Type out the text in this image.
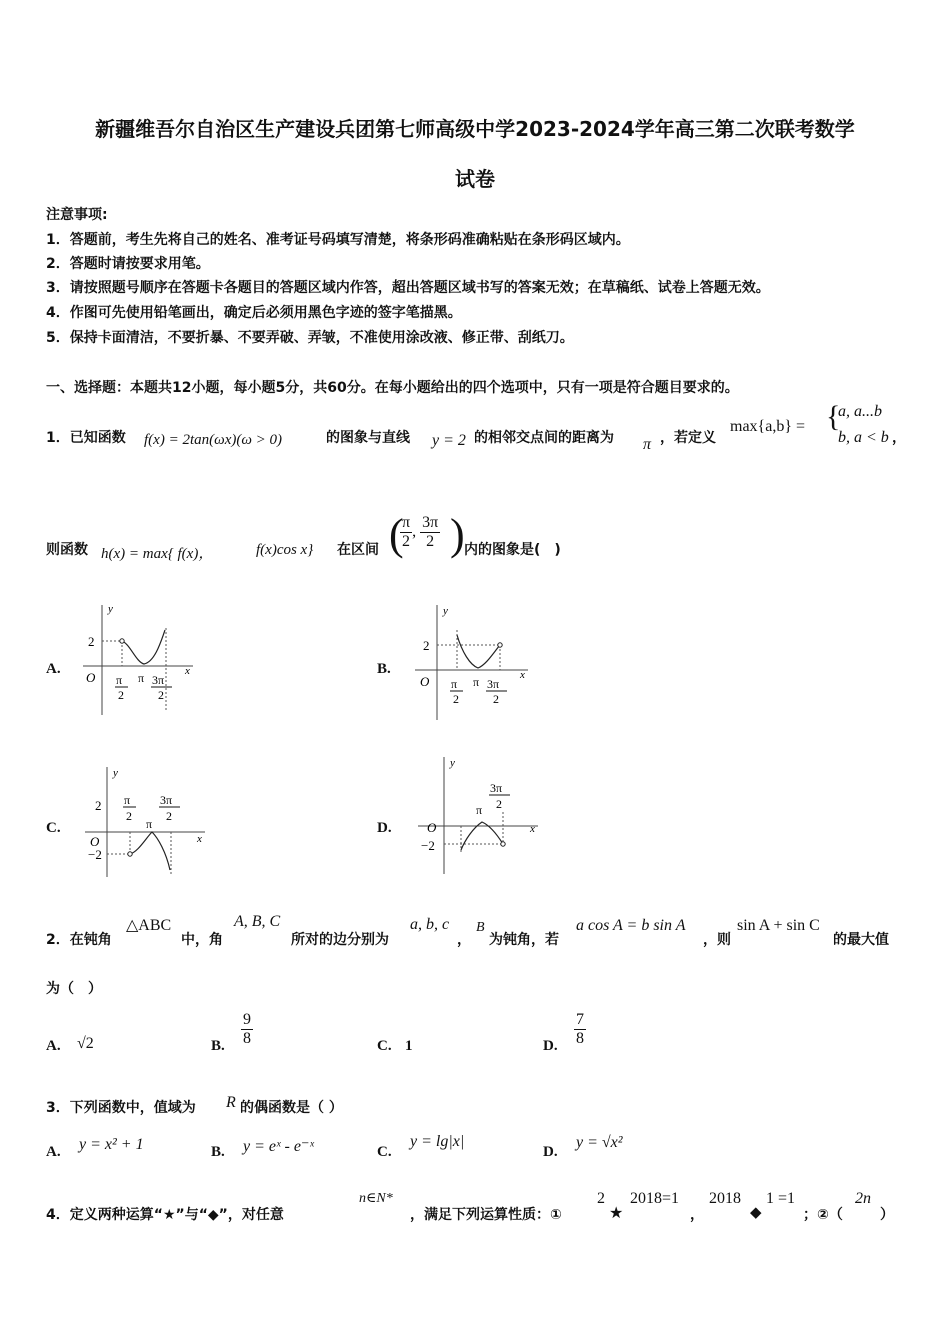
新疆维吾尔自治区生产建设兵团第七师高级中学2023-2024学年高三第二次联考数学
试卷
注意事项:
1．答题前，考生先将自己的姓名、准考证号码填写清楚，将条形码准确粘贴在条形码区域内。
2．答题时请按要求用笔。
3．请按照题号顺序在答题卡各题目的答题区域内作答，超出答题区域书写的答案无效；在草稿纸、试卷上答题无效。
4．作图可先使用铅笔画出，确定后必须用黑色字迹的签字笔描黑。
5．保持卡面清洁，不要折暴、不要弄破、弄皱，不准使用涂改液、修正带、刮纸刀。
一、选择题：本题共12小题，每小题5分，共60分。在每小题给出的四个选项中，只有一项是符合题目要求的。
1．已知函数 f(x) = 2tan(ωx)(ω > 0)	的图象与直线 y = 2 的相邻交点间的距离为 π ，若定义
max{a,b} = {
a, a...b
b, a < b ，
则函数 h(x) = max{ f(x)，	f(x)cos x} 在区间 (
$\frac{\pi}{2}$ , $\frac{3\pi}{2}$ ) 内的图象是(　)
A.	B.
C.	D.
y
x
O
2
π
2
π 3π
2
y
x
O
2
π
2
π 3π
2
y
x
O
2
−2
π
2
π
3π
2
y
x
O
−2
π
3π
2
2．在钝角
△ABC
中，角
A, B, C
所对的边分别为
a, b, c
，
B
为钝角，若
a cos A = b sin A
，则
sin A + sin C
的最大值
为（　）
A. √2	B. $\frac{9}{8}$	C. 1	D. $\frac{7}{8}$
3．下列函数中，值域为 R 的偶函数是（ ）
A. y = x² + 1	B. y = eˣ - e⁻ˣ	C.
y = lg|x|
D.
y = √x²
4．定义两种运算“★”与“◆”，对任意
n∈N*
，满足下列运算性质：①
2
★
2018=1
，
2018
◆
1 =1
；②（
2n
）
